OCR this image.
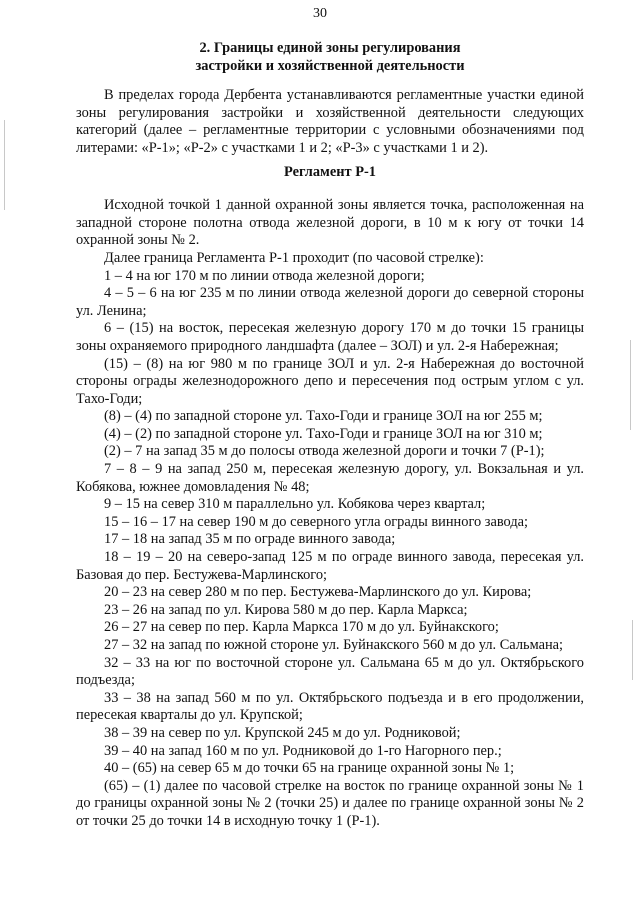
30
2. Границы единой зоны регулирования
застройки и хозяйственной деятельности

В пределах города Дербента устанавливаются регламентные участки единой зоны регулирования застройки и хозяйственной деятельности следующих категорий (далее – регламентные территории с условными обозначениями под литерами: «Р-1»; «Р-2» с участками 1 и 2; «Р-3» с участками 1 и 2).

Регламент Р-1

Исходной точкой 1 данной охранной зоны является точка, расположенная на западной стороне полотна отвода железной дороги, в 10 м к югу от точки 14 охранной зоны № 2.

Далее граница Регламента Р-1 проходит (по часовой стрелке):

1 – 4 на юг 170 м по линии отвода железной дороги;

4 – 5 – 6 на юг 235 м по линии отвода железной дороги до северной стороны ул. Ленина;

6 – (15) на восток, пересекая железную дорогу 170 м до точки 15 границы зоны охраняемого природного ландшафта (далее – ЗОЛ) и ул. 2-я Набережная;

(15) – (8) на юг 980 м по границе ЗОЛ и ул. 2-я Набережная до восточной стороны ограды железнодорожного депо и пересечения под острым углом с ул. Тахо-Годи;

(8) – (4) по западной стороне ул. Тахо-Годи и границе ЗОЛ на юг 255 м;

(4) – (2) по западной стороне ул. Тахо-Годи и границе ЗОЛ на юг 310 м;

(2) – 7 на запад 35 м до полосы отвода железной дороги и точки 7 (Р-1);

7 – 8 – 9 на запад 250 м, пересекая железную дорогу, ул. Вокзальная и ул. Кобякова, южнее домовладения № 48;

9 – 15 на север 310 м параллельно ул. Кобякова через квартал;

15 – 16 – 17 на север 190 м до северного угла ограды винного завода;

17 – 18 на запад 35 м по ограде винного завода;

18 – 19 – 20 на северо-запад 125 м по ограде винного завода, пересекая ул. Базовая до пер. Бестужева-Марлинского;

20 – 23 на север 280 м по пер. Бестужева-Марлинского до ул. Кирова;

23 – 26 на запад по ул. Кирова 580 м до пер. Карла Маркса;

26 – 27 на север по пер. Карла Маркса 170 м до ул. Буйнакского;

27 – 32 на запад по южной стороне ул. Буйнакского 560 м до ул. Сальмана;

32 – 33 на юг по восточной стороне ул. Сальмана 65 м до ул. Октябрьского подъезда;

33 – 38 на запад 560 м по ул. Октябрьского подъезда и в его продолжении, пересекая кварталы до ул. Крупской;

38 – 39 на север по ул. Крупской 245 м до ул. Родниковой;

39 – 40 на запад 160 м по ул. Родниковой до 1-го Нагорного пер.;

40 – (65) на север 65 м до точки 65 на границе охранной зоны № 1;

(65) – (1) далее по часовой стрелке на восток по границе охранной зоны № 1 до границы охранной зоны № 2 (точки 25) и далее по границе охранной зоны № 2 от точки 25 до точки 14 в исходную точку 1 (Р-1).
